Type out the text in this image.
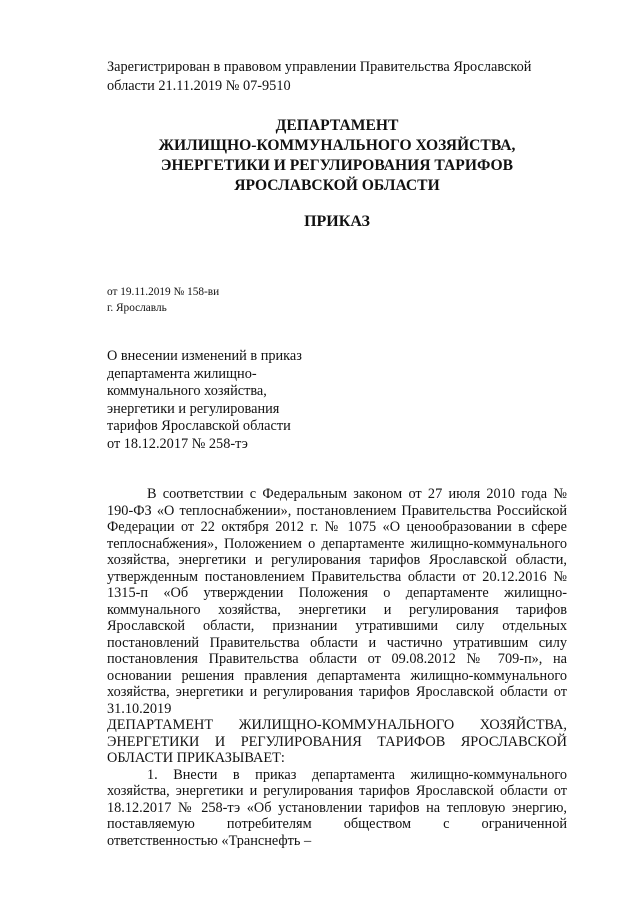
Зарегистрирован в правовом управлении Правительства Ярославской
области 21.11.2019 № 07-9510
ДЕПАРТАМЕНТ
ЖИЛИЩНО-КОММУНАЛЬНОГО ХОЗЯЙСТВА,
ЭНЕРГЕТИКИ И РЕГУЛИРОВАНИЯ ТАРИФОВ
ЯРОСЛАВСКОЙ ОБЛАСТИ
ПРИКАЗ
от 19.11.2019 № 158-ви
г. Ярославль
О внесении изменений в приказ
департамента жилищно-
коммунального хозяйства,
энергетики и регулирования
тарифов Ярославской области
от 18.12.2017 № 258-тэ

В соответствии с Федеральным законом от 27 июля 2010 года № 190-ФЗ «О теплоснабжении», постановлением Правительства Российской Федерации от 22 октября 2012 г. № 1075 «О ценообразовании в сфере теплоснабжения», Положением о департаменте жилищно-коммунального хозяйства, энергетики и регулирования тарифов Ярославской области, утвержденным постановлением Правительства области от 20.12.2016 № 1315-п «Об утверждении Положения о департаменте жилищно-коммунального хозяйства, энергетики и регулирования тарифов Ярославской области, признании утратившими силу отдельных постановлений Правительства области и частично утратившим силу постановления Правительства области от 09.08.2012 № 709-п», на основании решения правления департамента жилищно-коммунального хозяйства, энергетики и регулирования тарифов Ярославской области от 31.10.2019

ДЕПАРТАМЕНТ ЖИЛИЩНО-КОММУНАЛЬНОГО ХОЗЯЙСТВА, ЭНЕРГЕТИКИ И РЕГУЛИРОВАНИЯ ТАРИФОВ ЯРОСЛАВСКОЙ ОБЛАСТИ ПРИКАЗЫВАЕТ:

1. Внести в приказ департамента жилищно-коммунального хозяйства, энергетики и регулирования тарифов Ярославской области от 18.12.2017 № 258-тэ «Об установлении тарифов на тепловую энергию, поставляемую потребителям обществом с ограниченной ответственностью «Транснефть –
